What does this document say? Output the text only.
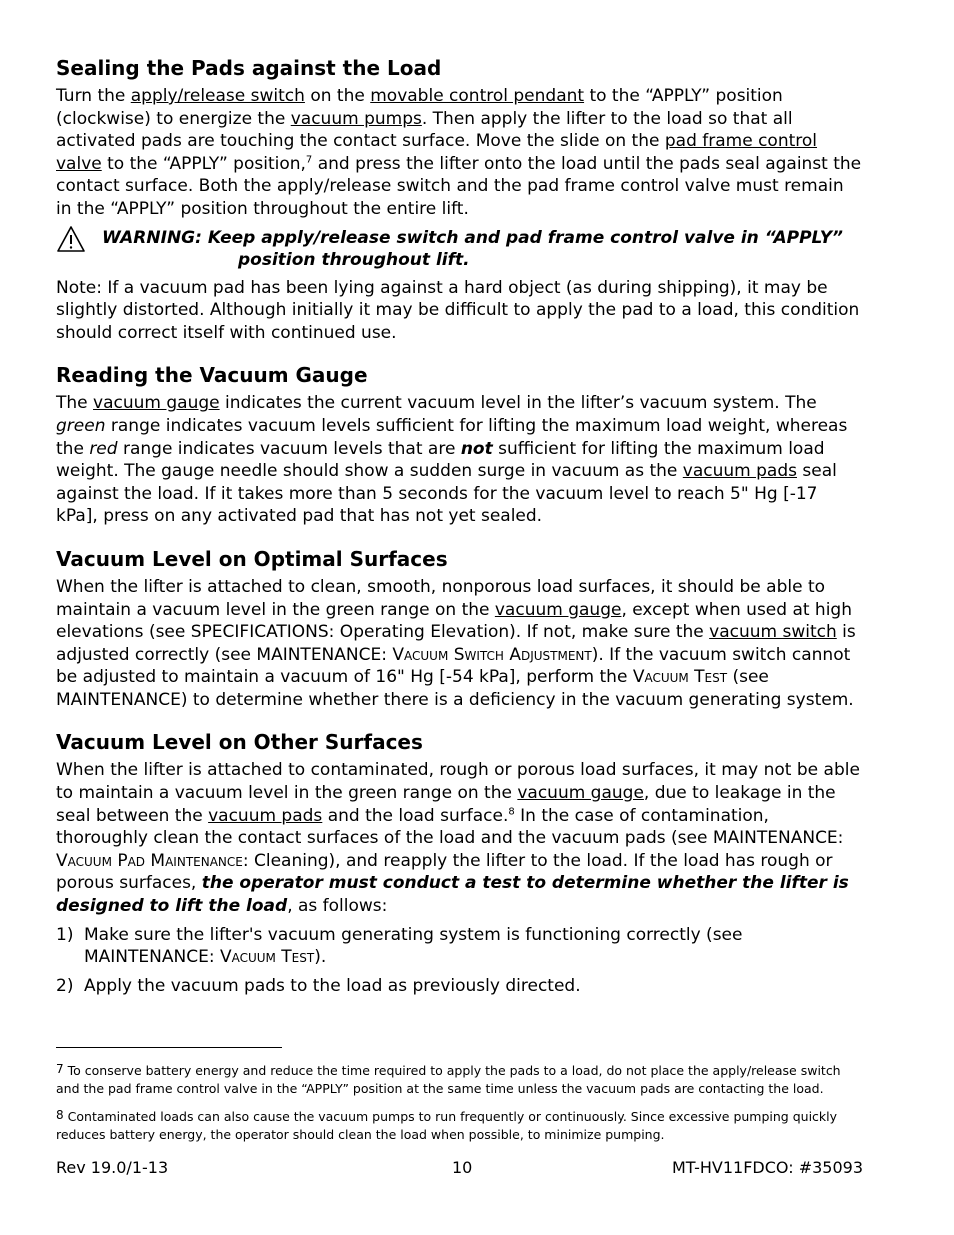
Sealing the Pads against the Load

Turn the apply/release switch on the movable control pendant to the “APPLY” position (clockwise) to energize the vacuum pumps. Then apply the lifter to the load so that all activated pads are touching the contact surface. Move the slide on the pad frame control valve to the “APPLY” position,$^7$ and press the lifter onto the load until the pads seal against the contact surface. Both the apply/release switch and the pad frame control valve must remain in the “APPLY” position throughout the entire lift.

WARNING: Keep apply/release switch and pad frame control valve in “APPLY”
position throughout lift.

Note: If a vacuum pad has been lying against a hard object (as during shipping), it may be slightly distorted. Although initially it may be difficult to apply the pad to a load, this condition should correct itself with continued use.

Reading the Vacuum Gauge

The vacuum gauge indicates the current vacuum level in the lifter’s vacuum system. The green range indicates vacuum levels sufficient for lifting the maximum load weight, whereas the red range indicates vacuum levels that are not sufficient for lifting the maximum load weight. The gauge needle should show a sudden surge in vacuum as the vacuum pads seal against the load. If it takes more than 5 seconds for the vacuum level to reach 5" Hg [-17 kPa], press on any activated pad that has not yet sealed.

Vacuum Level on Optimal Surfaces

When the lifter is attached to clean, smooth, nonporous load surfaces, it should be able to maintain a vacuum level in the green range on the vacuum gauge, except when used at high elevations (see SPECIFICATIONS: Operating Elevation). If not, make sure the vacuum switch is adjusted correctly (see MAINTENANCE: Vacuum Switch Adjustment). If the vacuum switch cannot be adjusted to maintain a vacuum of 16" Hg [-54 kPa], perform the Vacuum Test (see MAINTENANCE) to determine whether there is a deficiency in the vacuum generating system.

Vacuum Level on Other Surfaces

When the lifter is attached to contaminated, rough or porous load surfaces, it may not be able to maintain a vacuum level in the green range on the vacuum gauge, due to leakage in the seal between the vacuum pads and the load surface.$^8$ In the case of contamination, thoroughly clean the contact surfaces of the load and the vacuum pads (see MAINTENANCE: Vacuum Pad Maintenance: Cleaning), and reapply the lifter to the load. If the load has rough or porous surfaces, the operator must conduct a test to determine whether the lifter is designed to lift the load, as follows:

1) Make sure the lifter's vacuum generating system is functioning correctly (see MAINTENANCE: Vacuum Test).
2) Apply the vacuum pads to the load as previously directed.
$^7$ To conserve battery energy and reduce the time required to apply the pads to a load, do not place the apply/release switch and the pad frame control valve in the “APPLY” position at the same time unless the vacuum pads are contacting the load.
$^8$ Contaminated loads can also cause the vacuum pumps to run frequently or continuously. Since excessive pumping quickly reduces battery energy, the operator should clean the load when possible, to minimize pumping.
Rev 19.0/1-13	10	MT-HV11FDCO: #35093
